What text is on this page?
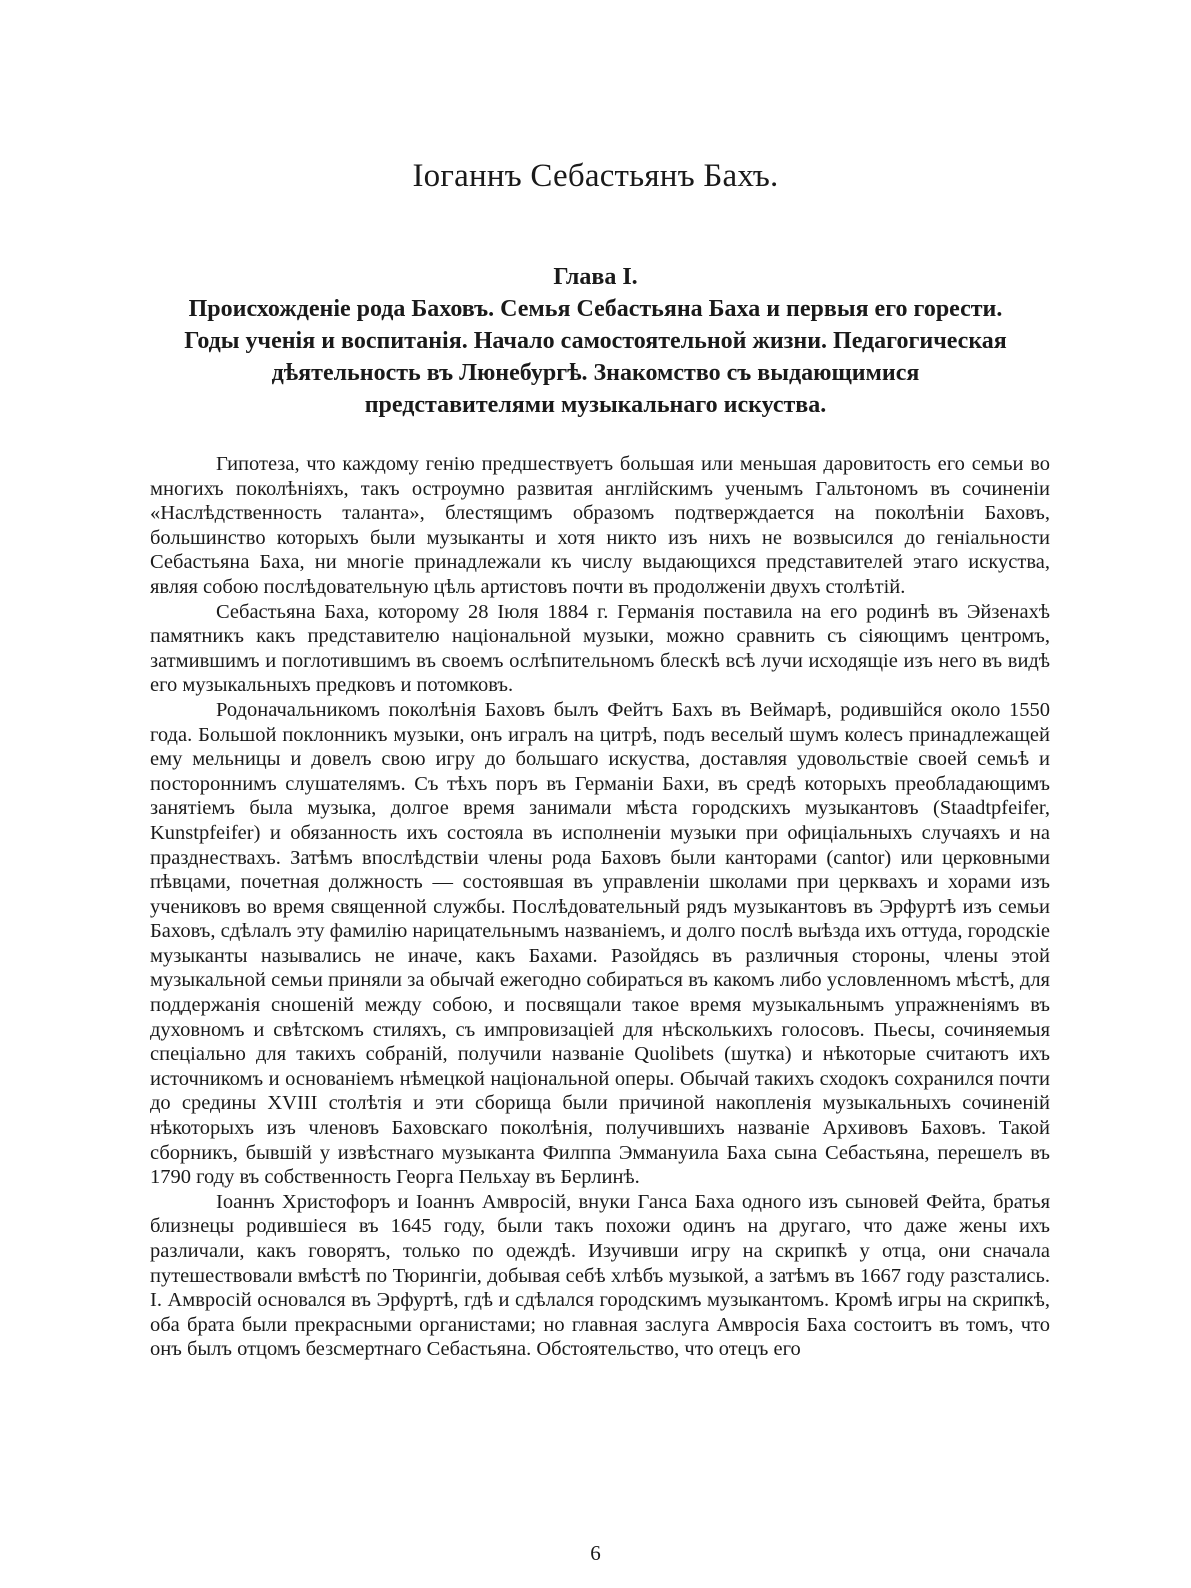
Іоганнъ Себастьянъ Бахъ.
Глава I.
Происхожденіе рода Баховъ. Семья Себастьяна Баха и первыя его горести.
Годы ученія и воспитанія. Начало самостоятельной жизни. Педагогическая
дѣятельность въ Люнебургѣ. Знакомство съ выдающимися
представителями музыкальнаго искуства.

Гипотеза, что каждому генію предшествуетъ большая или меньшая даровитость его семьи во многихъ поколѣніяхъ, такъ остроумно развитая англійскимъ ученымъ Гальтономъ въ сочиненіи «Наслѣдственность таланта», блестящимъ образомъ подтверждается на поколѣніи Баховъ, большинство которыхъ были музыканты и хотя никто изъ нихъ не возвысился до геніальности Себастьяна Баха, ни многіе принадлежали къ числу выдающихся представителей этаго искуства, являя собою послѣдовательную цѣль артистовъ почти въ продолженіи двухъ столѣтій.

Себастьяна Баха, которому 28 Іюля 1884 г. Германія поставила на его родинѣ въ Эйзенахѣ памятникъ какъ представителю національной музыки, можно сравнить съ сіяющимъ центромъ, затмившимъ и поглотившимъ въ своемъ ослѣпительномъ блескѣ всѣ лучи исходящіе изъ него въ видѣ его музыкальныхъ предковъ и потомковъ.

Родоначальникомъ поколѣнія Баховъ былъ Фейтъ Бахъ въ Веймарѣ, родившійся около 1550 года. Большой поклонникъ музыки, онъ игралъ на цитрѣ, подъ веселый шумъ колесъ принадлежащей ему мельницы и довелъ свою игру до большаго искуства, доставляя удовольствіе своей семьѣ и постороннимъ слушателямъ. Съ тѣхъ поръ въ Германіи Бахи, въ средѣ которыхъ преобладающимъ занятіемъ была музыка, долгое время занимали мѣста городскихъ музыкантовъ (Staadtpfeifer, Kunstpfeifer) и обязанность ихъ состояла въ исполненіи музыки при офиціальныхъ случаяхъ и на празднествахъ. Затѣмъ впослѣдствіи члены рода Баховъ были канторами (cantor) или церковными пѣвцами, почетная должность — состоявшая въ управленіи школами при церквахъ и хорами изъ учениковъ во время священной службы. Послѣдовательный рядъ музыкантовъ въ Эрфуртѣ изъ семьи Баховъ, сдѣлалъ эту фамилію нарицательнымъ названіемъ, и долго послѣ выѣзда ихъ оттуда, городскіе музыканты назывались не иначе, какъ Бахами. Разойдясь въ различныя стороны, члены этой музыкальной семьи приняли за обычай ежегодно собираться въ какомъ либо условленномъ мѣстѣ, для поддержанія сношеній между собою, и посвящали такое время музыкальнымъ упражненіямъ въ духовномъ и свѣтскомъ стиляхъ, съ импровизаціей для нѣсколькихъ голосовъ. Пьесы, сочиняемыя спеціально для такихъ собраній, получили названіе Quolibets (шутка) и нѣкоторые считаютъ ихъ источникомъ и основаніемъ нѣмецкой національной оперы. Обычай такихъ сходокъ сохранился почти до средины XVIII столѣтія и эти сборища были причиной накопленія музыкальныхъ сочиненій нѣкоторыхъ изъ членовъ Баховскаго поколѣнія, получившихъ названіе Архивовъ Баховъ. Такой сборникъ, бывшій у извѣстнаго музыканта Филппа Эммануила Баха сына Себастьяна, перешелъ въ 1790 году въ собственность Георга Пельхау въ Берлинѣ.

Іоаннъ Христофоръ и Іоаннъ Амвросій, внуки Ганса Баха одного изъ сыновей Фейта, братья близнецы родившіеся въ 1645 году, были такъ похожи одинъ на другаго, что даже жены ихъ различали, какъ говорятъ, только по одеждѣ. Изучивши игру на скрипкѣ у отца, они сначала путешествовали вмѣстѣ по Тюрингіи, добывая себѣ хлѣбъ музыкой, а затѣмъ въ 1667 году разстались. І. Амвросій основался въ Эрфуртѣ, гдѣ и сдѣлался городскимъ музыкантомъ. Кромѣ игры на скрипкѣ, оба брата были прекрасными органистами; но главная заслуга Амвросія Баха состоитъ въ томъ, что онъ былъ отцомъ безсмертнаго Себастьяна. Обстоятельство, что отецъ его

6
